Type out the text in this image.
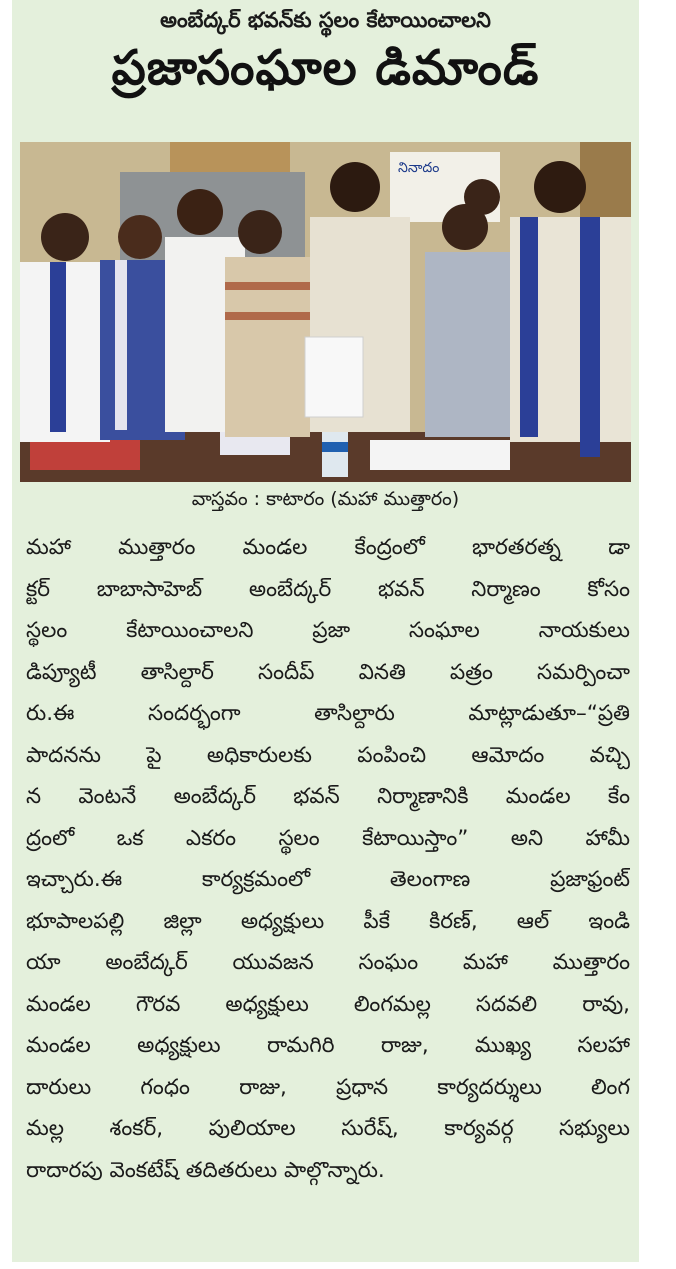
అంబేద్కర్ భవన్‌కు స్థలం కేటాయించాలని
ప్రజాసంఘాల డిమాండ్
నినాదం
వాస్తవం : కాటారం (మహా ముత్తారం)
మహా ముత్తారం మండల కేంద్రంలో భారతరత్న డా
క్టర్ బాబాసాహెబ్ అంబేద్కర్ భవన్ నిర్మాణం కోసం
స్థలం కేటాయించాలని ప్రజా సంఘాల నాయకులు
డిప్యూటీ తాసిల్దార్ సందీప్ వినతి పత్రం సమర్పించా
రు.ఈ సందర్భంగా తాసిల్దారు మాట్లాడుతూ–“ప్రతి
పాదనను పై అధికారులకు పంపించి ఆమోదం వచ్చి
న వెంటనే అంబేద్కర్ భవన్ నిర్మాణానికి మండల కేం
ద్రంలో ఒక ఎకరం స్థలం కేటాయిస్తాం” అని హామీ
ఇచ్చారు.ఈ కార్యక్రమంలో తెలంగాణ ప్రజాఫ్రంట్
భూపాలపల్లి జిల్లా అధ్యక్షులు పీకే కిరణ్, ఆల్ ఇండి
యా అంబేద్కర్ యువజన సంఘం మహా ముత్తారం
మండల గౌరవ అధ్యక్షులు లింగమల్ల సదవలి రావు,
మండల అధ్యక్షులు రామగిరి రాజు, ముఖ్య సలహా
దారులు గంధం రాజు, ప్రధాన కార్యదర్శులు లింగ
మల్ల శంకర్, పులియాల సురేష్, కార్యవర్గ సభ్యులు
రాదారపు వెంకటేష్ తదితరులు పాల్గొన్నారు.
